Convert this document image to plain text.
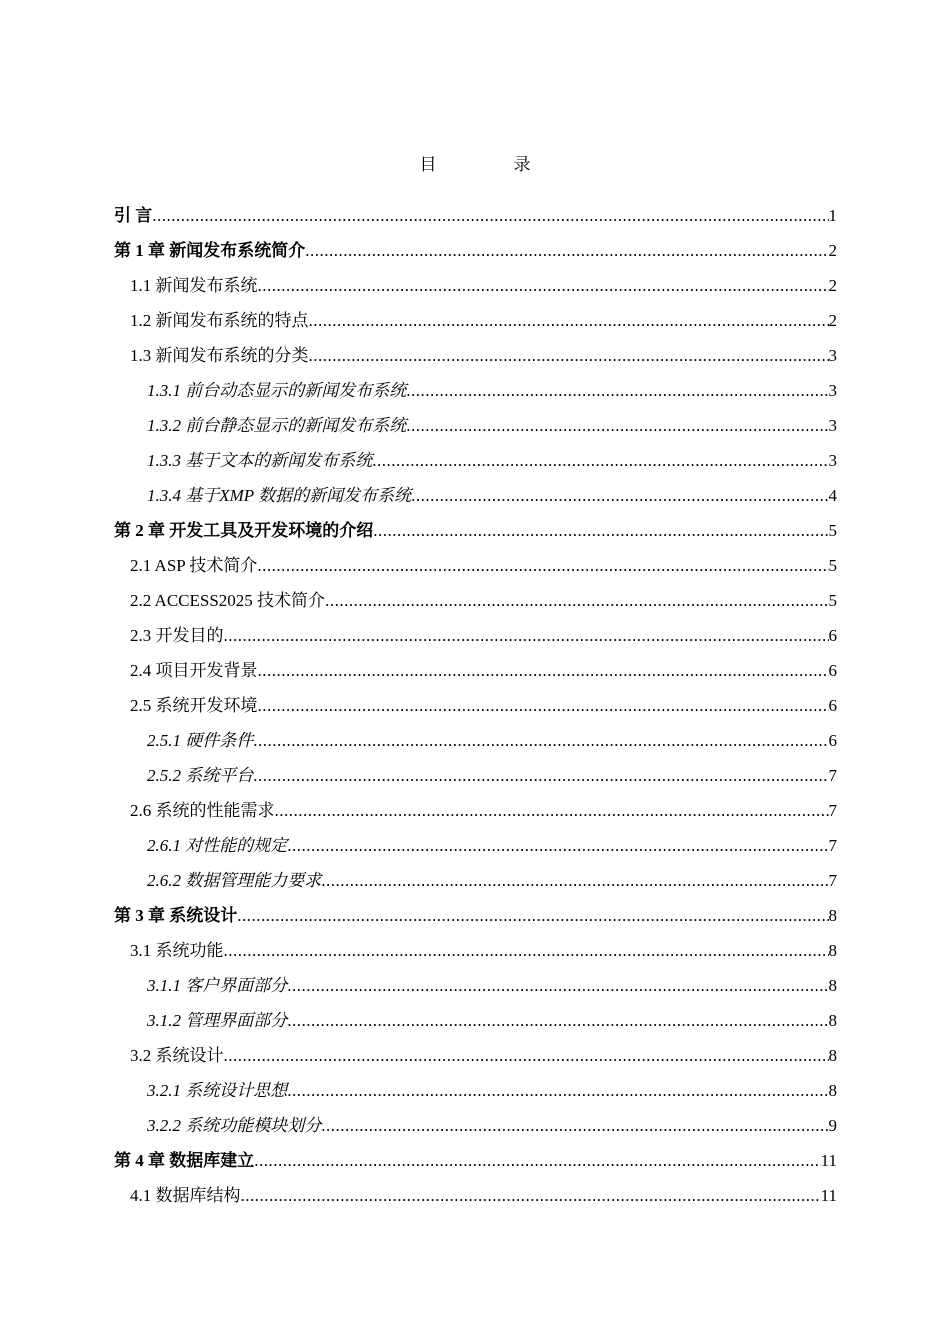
目　录
引 言 .....	1
第 1 章 新闻发布系统简介 .....	2
1.1 新闻发布系统 .....	2
1.2 新闻发布系统的特点 .....	2
1.3 新闻发布系统的分类 .....	3
1.3.1 前台动态显示的新闻发布系统 .....	3
1.3.2 前台静态显示的新闻发布系统 .....	3
1.3.3 基于文本的新闻发布系统 .....	3
1.3.4 基于XMP 数据的新闻发布系统 .....	4
第 2 章 开发工具及开发环境的介绍 .....	5
2.1 ASP 技术简介 .....	5
2.2 ACCESS2025 技术简介 .....	5
2.3 开发目的 .....	6
2.4 项目开发背景 .....	6
2.5 系统开发环境 .....	6
2.5.1 硬件条件 .....	6
2.5.2 系统平台 .....	7
2.6 系统的性能需求 .....	7
2.6.1 对性能的规定 .....	7
2.6.2 数据管理能力要求 .....	7
第 3 章 系统设计 .....	8
3.1 系统功能 .....	8
3.1.1 客户界面部分 .....	8
3.1.2 管理界面部分 .....	8
3.2 系统设计 .....	8
3.2.1 系统设计思想 .....	8
3.2.2 系统功能模块划分 .....	9
第 4 章 数据库建立 .....	11
4.1 数据库结构 .....	11
